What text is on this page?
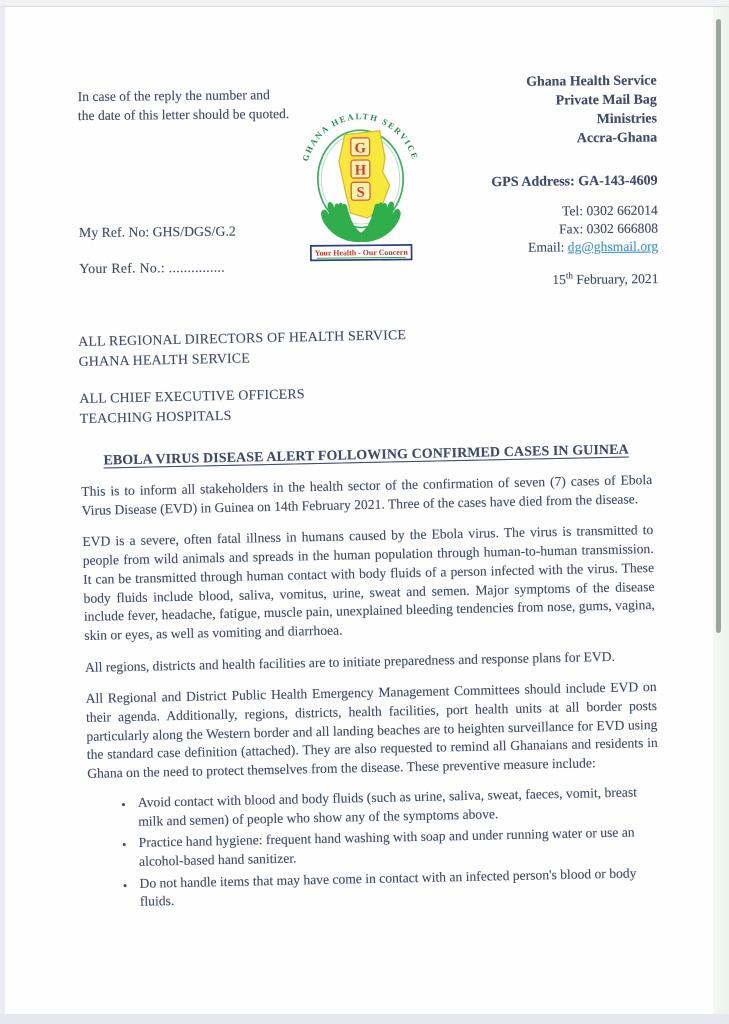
In case of the reply the number and the date of this letter should be quoted.
GHANA HEALTH SERVICE
G
H
S
Your Health - Our Concern
Ghana Health Service
Private Mail Bag
Ministries
Accra-Ghana
GPS Address: GA-143-4609
Tel: 0302 662014
Fax: 0302 666808
Email: dg@ghsmail.org
15th February, 2021
My Ref. No: GHS/DGS/G.2
Your Ref. No.: ...............
ALL REGIONAL DIRECTORS OF HEALTH SERVICE
GHANA HEALTH SERVICE
ALL CHIEF EXECUTIVE OFFICERS
TEACHING HOSPITALS
EBOLA VIRUS DISEASE ALERT FOLLOWING CONFIRMED CASES IN GUINEA

This is to inform all stakeholders in the health sector of the confirmation of seven (7) cases of Ebola Virus Disease (EVD) in Guinea on 14th February 2021. Three of the cases have died from the disease.

EVD is a severe, often fatal illness in humans caused by the Ebola virus. The virus is transmitted to people from wild animals and spreads in the human population through human-to-human transmission. It can be transmitted through human contact with body fluids of a person infected with the virus. These body fluids include blood, saliva, vomitus, urine, sweat and semen. Major symptoms of the disease include fever, headache, fatigue, muscle pain, unexplained bleeding tendencies from nose, gums, vagina, skin or eyes, as well as vomiting and diarrhoea.

All regions, districts and health facilities are to initiate preparedness and response plans for EVD.

All Regional and District Public Health Emergency Management Committees should include EVD on their agenda. Additionally, regions, districts, health facilities, port health units at all border posts particularly along the Western border and all landing beaches are to heighten surveillance for EVD using the standard case definition (attached). They are also requested to remind all Ghanaians and residents in Ghana on the need to protect themselves from the disease. These preventive measure include:

• Avoid contact with blood and body fluids (such as urine, saliva, sweat, faeces, vomit, breast milk and semen) of people who show any of the symptoms above.
• Practice hand hygiene: frequent hand washing with soap and under running water or use an alcohol-based hand sanitizer.
• Do not handle items that may have come in contact with an infected person's blood or body fluids.
